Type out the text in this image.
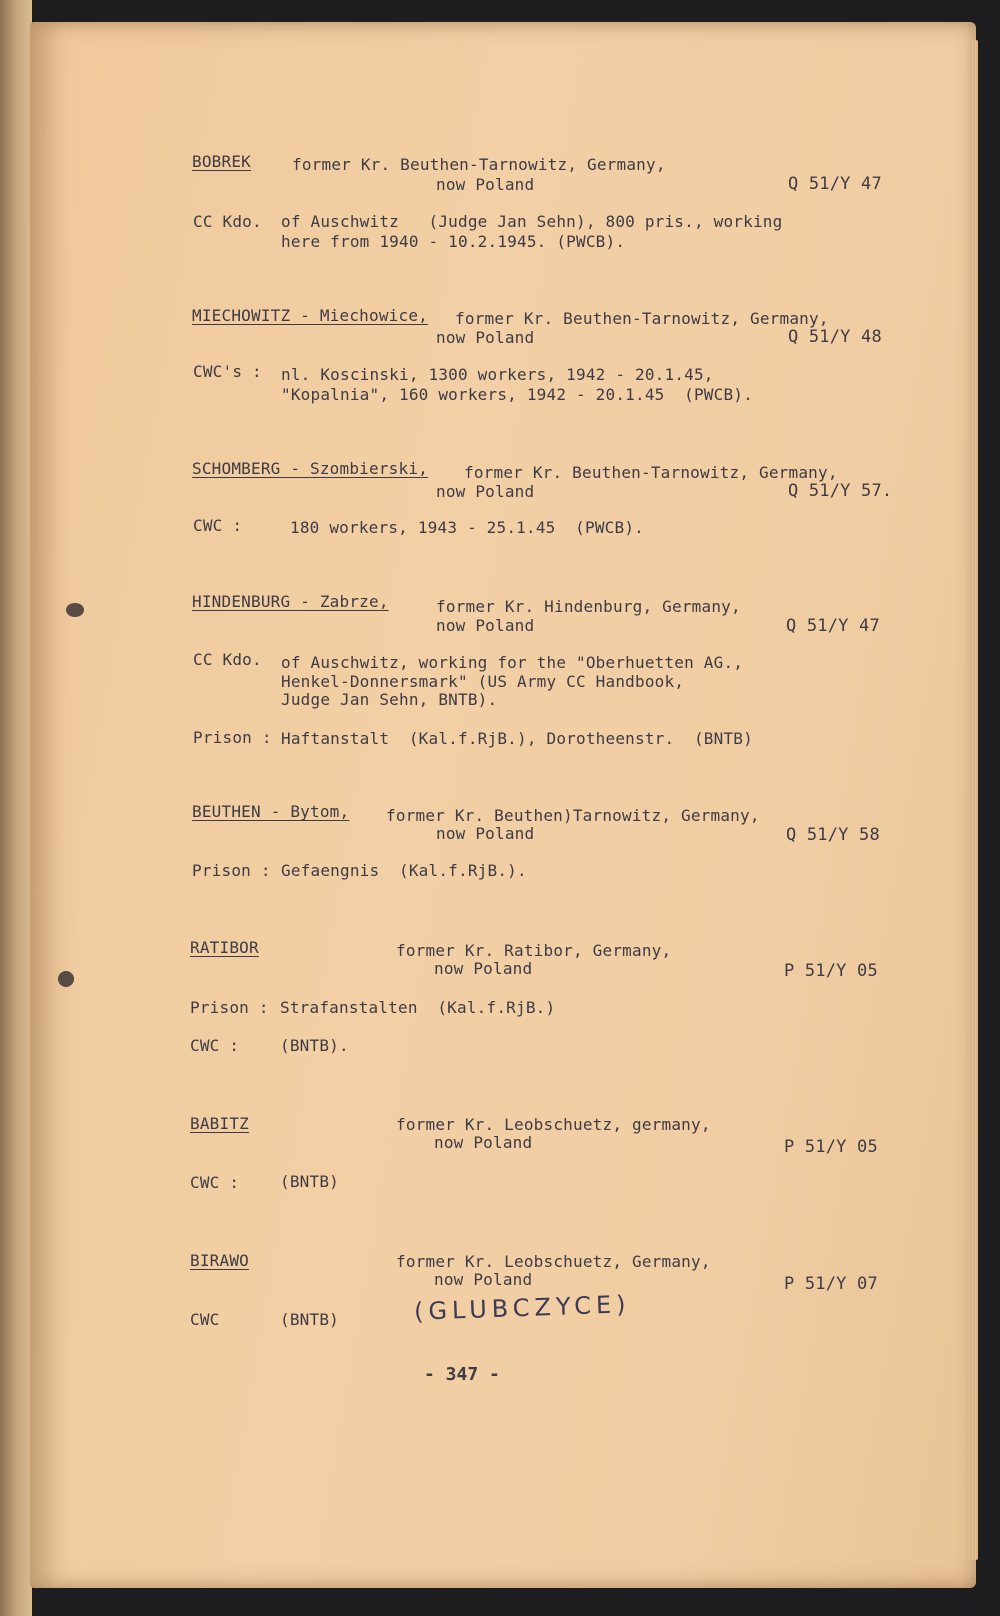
BOBREK	former Kr. Beuthen-Tarnowitz, Germany,
now Poland	Q 51/Y 47
CC Kdo. of Auschwitz   (Judge Jan Sehn), 800 pris., working
here from 1940 - 10.2.1945. (PWCB).
MIECHOWITZ - Miechowice, former Kr. Beuthen-Tarnowitz, Germany,
now Poland	Q 51/Y 48
CWC's : nl. Koscinski, 1300 workers, 1942 - 20.1.45,
"Kopalnia", 160 workers, 1942 - 20.1.45  (PWCB).
SCHOMBERG - Szombierski, former Kr. Beuthen-Tarnowitz, Germany,
now Poland	Q 51/Y 57.
CWC :	180 workers, 1943 - 25.1.45  (PWCB).
HINDENBURG - Zabrze,	former Kr. Hindenburg, Germany,
now Poland	Q 51/Y 47
CC Kdo. of Auschwitz, working for the "Oberhuetten AG.,
Henkel-Donnersmark" (US Army CC Handbook,
Judge Jan Sehn, BNTB).
Prison : Haftanstalt  (Kal.f.RjB.), Dorotheenstr.  (BNTB)
BEUTHEN - Bytom, former Kr. Beuthen)Tarnowitz, Germany,
now Poland	Q 51/Y 58
Prison : Gefaengnis  (Kal.f.RjB.).
RATIBOR	former Kr. Ratibor, Germany,
now Poland	P 51/Y 05
Prison : Strafanstalten  (Kal.f.RjB.)
CWC :	(BNTB).
BABITZ	former Kr. Leobschuetz, germany,
now Poland	P 51/Y 05
CWC :	(BNTB)
BIRAWO	former Kr. Leobschuetz, Germany,
now Poland	P 51/Y 07
CWC	(BNTB)	(GLUBCZYCE)
- 347 -
